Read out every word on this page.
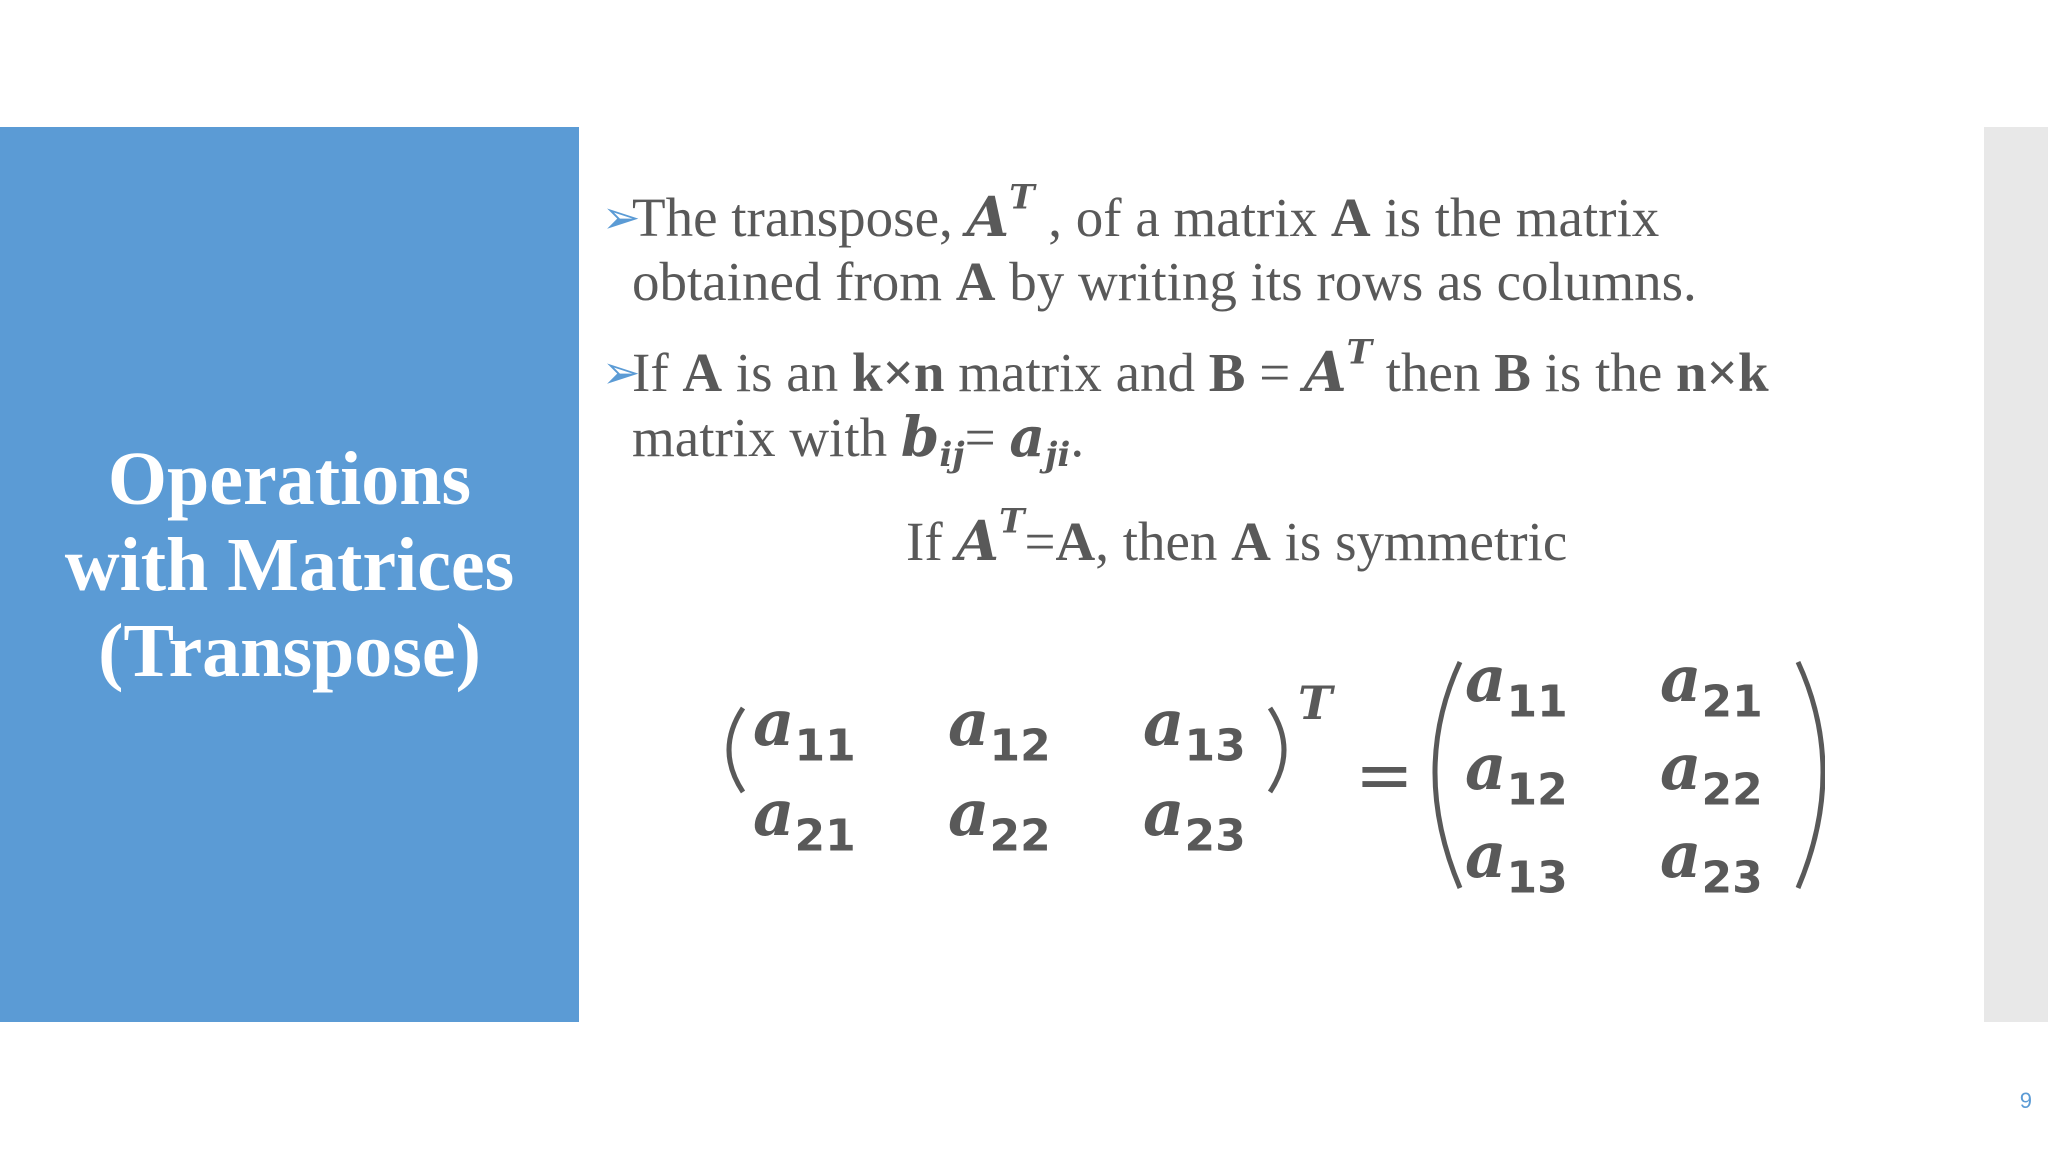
Operations
with Matrices
(Transpose)
➢
The transpose, $A^T$ , of a matrix A is the matrix
obtained from A by writing its rows as columns.
➢
If A is an k×n matrix and $B = A^T$ then B is the n×k
matrix with $b_{ij}= a_{ji}$.
If $A^T=A$, then A is symmetric
$a_{11}$ $a_{12}$ $a_{13}$
$a_{21}$ $a_{22}$ $a_{23}$
T
=
$a_{11}$ $a_{21}$
$a_{12}$ $a_{22}$
$a_{13}$ $a_{23}$
9
